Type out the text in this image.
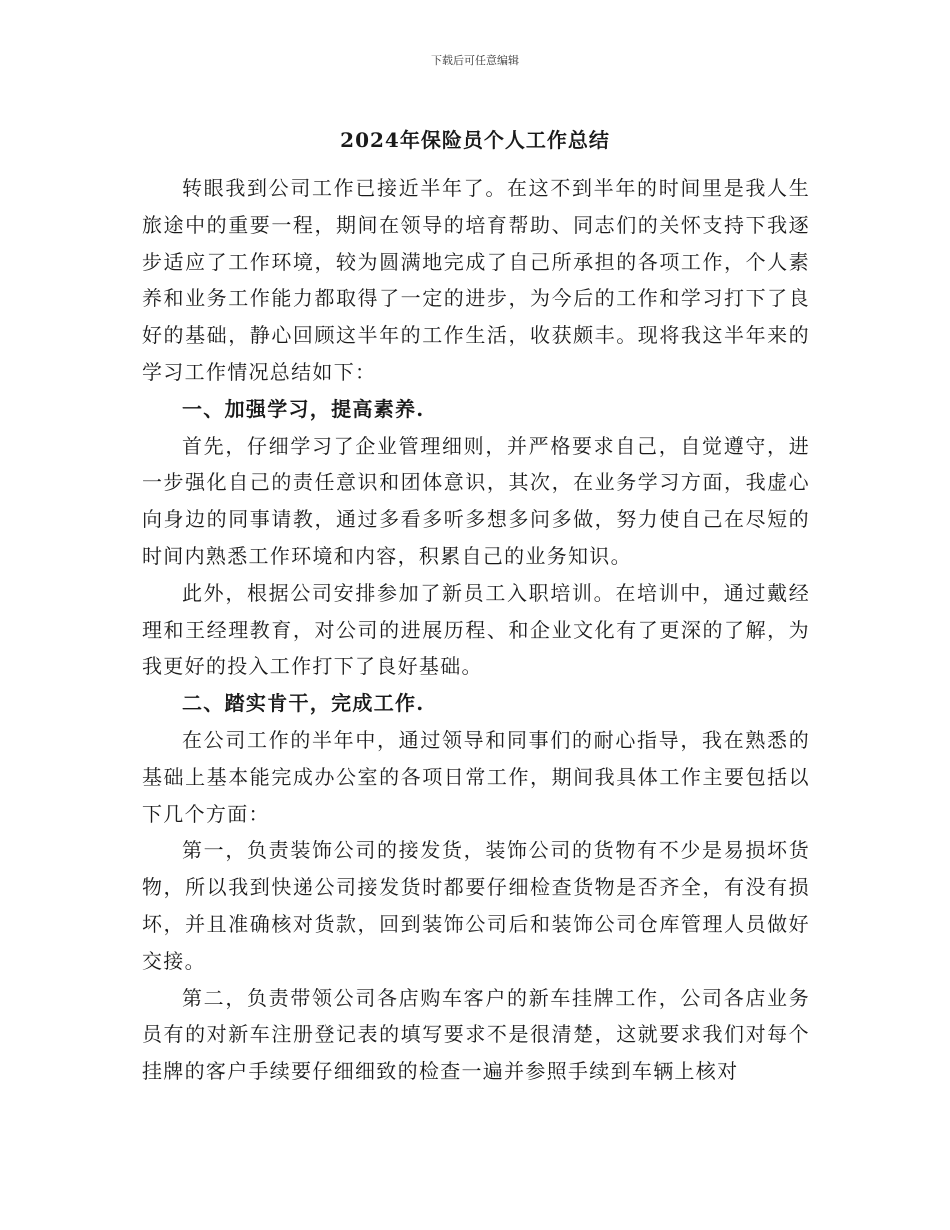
下载后可任意编辑
2024年保险员个人工作总结

转眼我到公司工作已接近半年了。在这不到半年的时间里是我人生旅途中的重要一程，期间在领导的培育帮助、同志们的关怀支持下我逐步适应了工作环境，较为圆满地完成了自己所承担的各项工作，个人素养和业务工作能力都取得了一定的进步，为今后的工作和学习打下了良好的基础，静心回顾这半年的工作生活，收获颇丰。现将我这半年来的学习工作情况总结如下：

一、加强学习，提高素养.

首先，仔细学习了企业管理细则，并严格要求自己，自觉遵守，进一步强化自己的责任意识和团体意识，其次，在业务学习方面，我虚心向身边的同事请教，通过多看多听多想多问多做，努力使自己在尽短的时间内熟悉工作环境和内容，积累自己的业务知识。

此外，根据公司安排参加了新员工入职培训。在培训中，通过戴经理和王经理教育，对公司的进展历程、和企业文化有了更深的了解，为我更好的投入工作打下了良好基础。

二、踏实肯干，完成工作.

在公司工作的半年中，通过领导和同事们的耐心指导，我在熟悉的基础上基本能完成办公室的各项日常工作，期间我具体工作主要包括以下几个方面：

第一，负责装饰公司的接发货，装饰公司的货物有不少是易损坏货物，所以我到快递公司接发货时都要仔细检查货物是否齐全，有没有损坏，并且准确核对货款，回到装饰公司后和装饰公司仓库管理人员做好交接。

第二，负责带领公司各店购车客户的新车挂牌工作，公司各店业务员有的对新车注册登记表的填写要求不是很清楚，这就要求我们对每个挂牌的客户手续要仔细细致的检查一遍并参照手续到车辆上核对
